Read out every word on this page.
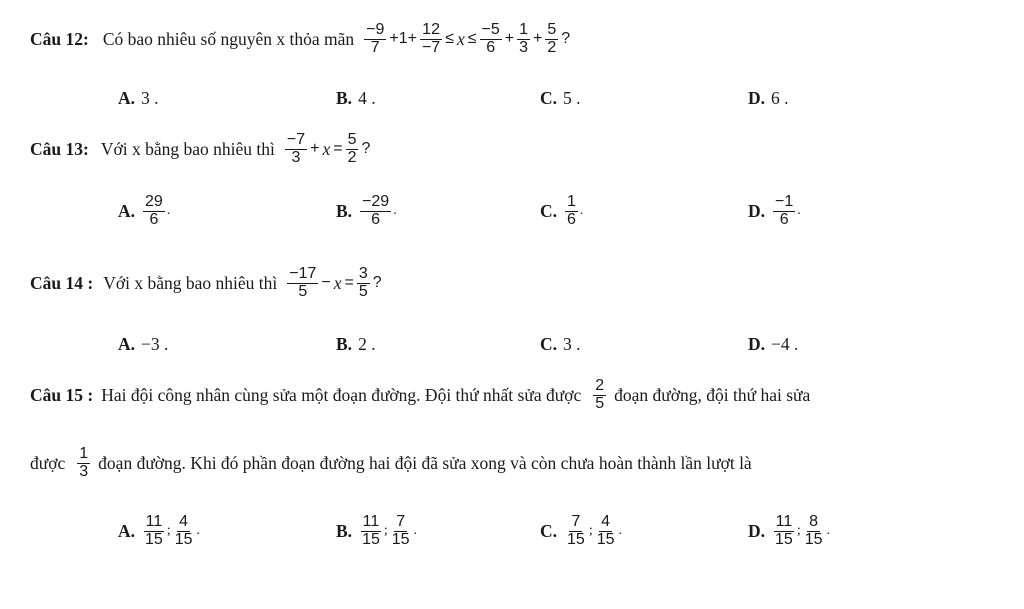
Câu 12: Có bao nhiêu số nguyên x thỏa mãn $\frac{-9}{7} +1+ \frac{12}{-7} \le x \le \frac{-5}{6} + \frac{1}{3} + \frac{5}{2}$ ?
A. 3 .	B. 4 .	C. 5 .	D. 6 .
Câu 13: Với x bằng bao nhiêu thì $\frac{-7}{3} + x = \frac{5}{2}$ ?
A. $\frac{29}{6}$ .	B. $\frac{-29}{6}$ .	C. $\frac{1}{6}$ .	D. $\frac{-1}{6}$ .
Câu 14 : Với x bằng bao nhiêu thì $\frac{-17}{5} - x = \frac{3}{5}$ ?
A. −3 .	B. 2 .	C. 3 .	D. −4 .
Câu 15 : Hai đội công nhân cùng sửa một đoạn đường. Đội thứ nhất sửa được $\frac{2}{5}$ đoạn đường, đội thứ hai sửa
được $\frac{1}{3}$ đoạn đường. Khi đó phần đoạn đường hai đội đã sửa xong và còn chưa hoàn thành lần lượt là
A. $\frac{11}{15}$ ; $\frac{4}{15}$ .	B. $\frac{11}{15}$ ; $\frac{7}{15}$ .	C. $\frac{7}{15}$ ; $\frac{4}{15}$ .	D. $\frac{11}{15}$ ; $\frac{8}{15}$ .
